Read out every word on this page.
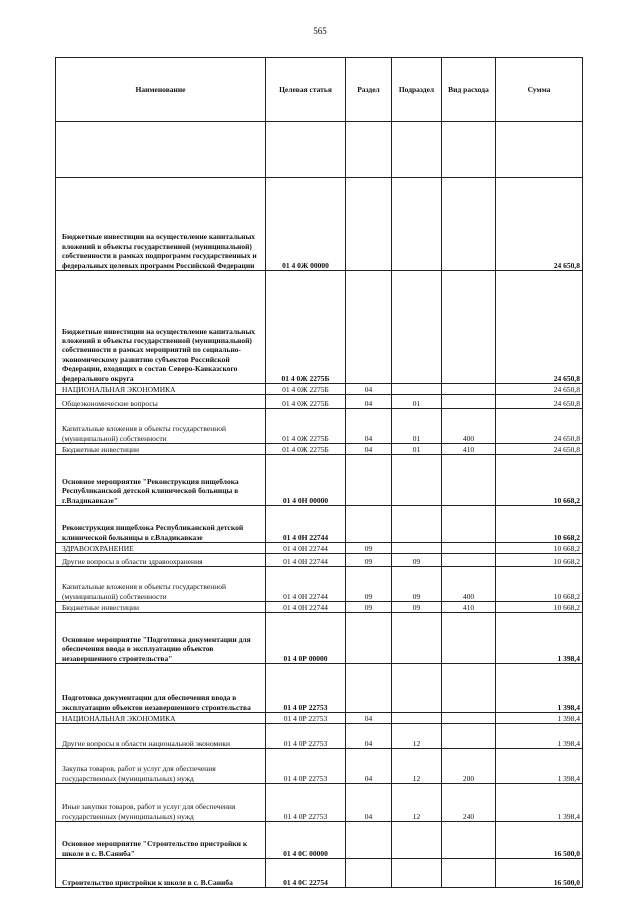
565
Наименование	Целевая статья	Раздел	Подраздел	Вид расхода	Сумма

Бюджетные инвестиции на осуществление капитальных вложений в объекты государственной (муниципальной) собственности в рамках подпрограмм государственных и федеральных целевых программ Российской Федерации	01 4 0Ж 00000				24 650,8
Бюджетные инвестиции на осуществление капитальных вложений в объекты государственной (муниципальной) собственности в рамках мероприятий по социально-экономическому развитию субъектов Российской Федерации, входящих в состав Северо-Кавказского федерального округа	01 4 0Ж 2275Б				24 650,8
НАЦИОНАЛЬНАЯ ЭКОНОМИКА	01 4 0Ж 2275Б	04			24 650,8
Общеэкономические вопросы	01 4 0Ж 2275Б	04	01		24 650,8
Капитальные вложения в объекты государственной (муниципальной) собственности	01 4 0Ж 2275Б	04	01	400	24 650,8
Бюджетные инвестиции	01 4 0Ж 2275Б	04	01	410	24 650,8
Основное мероприятие "Реконструкция пищеблока Республиканской детской клинической больницы в г.Владикавказе"	01 4 0Н 00000				10 668,2
Реконструкция пищеблока Республиканской детской клинической больницы в г.Владикавказе	01 4 0Н 22744				10 668,2
ЗДРАВООХРАНЕНИЕ	01 4 0Н 22744	09			10 668,2
Другие вопросы в области здравоохранения	01 4 0Н 22744	09	09		10 668,2
Капитальные вложения в объекты государственной (муниципальной) собственности	01 4 0Н 22744	09	09	400	10 668,2
Бюджетные инвестиции	01 4 0Н 22744	09	09	410	10 668,2
Основное мероприятие "Подготовка документации для обеспечения ввода в эксплуатацию объектов незавершенного строительства"	01 4 0Р 00000				1 398,4
Подготовка документации для обеспечения ввода в эксплуатацию объектов незавершенного строительства	01 4 0Р 22753				1 398,4
НАЦИОНАЛЬНАЯ ЭКОНОМИКА	01 4 0Р 22753	04			1 398,4
Другие вопросы в области национальной экономики	01 4 0Р 22753	04	12		1 398,4
Закупка товаров, работ и услуг для обеспечения государственных (муниципальных) нужд	01 4 0Р 22753	04	12	200	1 398,4
Иные закупки товаров, работ и услуг для обеспечения государственных (муниципальных) нужд	01 4 0Р 22753	04	12	240	1 398,4
Основное мероприятие "Строительство пристройки к школе в с. В.Саниба"	01 4 0С 00000				16 500,0
Строительство пристройки к школе в с. В.Саниба	01 4 0С 22754				16 500,0
